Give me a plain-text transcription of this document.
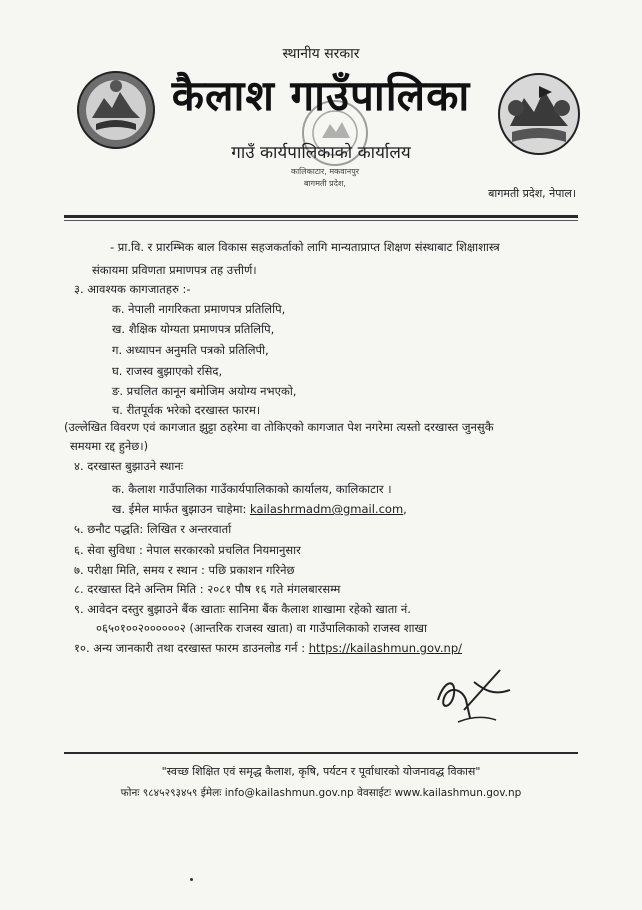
स्थानीय सरकार
कैलाश गाउँपालिका
गाउँ कार्यपालिकाको कार्यालय
कालिकाटार, मकवानपुर
बागमती प्रदेश,
बागमती प्रदेश, नेपाल।
- प्रा.वि. र प्रारम्भिक बाल विकास सहजकर्ताको लागि मान्यताप्राप्त शिक्षण संस्थाबाट शिक्षाशास्त्र
संकायमा प्रविणता प्रमाणपत्र तह उत्तीर्ण।
३. आवश्यक कागजातहरु :-
क. नेपाली नागरिकता प्रमाणपत्र प्रतिलिपि,
ख. शैक्षिक योग्यता प्रमाणपत्र प्रतिलिपि,
ग. अध्यापन अनुमति पत्रको प्रतिलिपी,
घ. राजस्व बुझाएको रसिद,
ङ. प्रचलित कानून बमोजिम अयोग्य नभएको,
च. रीतपूर्वक भरेको दरखास्त फारम।
(उल्लेखित विवरण एवं कागजात झुट्टा ठहरेमा वा तोकिएको कागजात पेश नगरेमा त्यस्तो दरखास्त जुनसुकै
समयमा रद्द हुनेछ।)
४. दरखास्त बुझाउने स्थानः
क. कैलाश गाउँपालिका गाउँकार्यपालिकाको कार्यालय, कालिकाटार ।
ख. ईमेल मार्फत बुझाउन चाहेमा: kailashrmadm@gmail.com,
५. छनौट पद्धति: लिखित र अन्तरवार्ता
६. सेवा सुविधा : नेपाल सरकारको प्रचलित नियमानुसार
७. परीक्षा मिति, समय र स्थान : पछि प्रकाशन गरिनेछ
८. दरखास्त दिने अन्तिम मिति : २०८१ पौष १६ गते मंगलबारसम्म
९. आवेदन दस्तुर बुझाउने बैंक खाताः सानिमा बैंक कैलाश शाखामा रहेको खाता नं.
०६५०१००२००००००२ (आन्तरिक राजस्व खाता) वा गाउँपालिकाको राजस्व शाखा
१०. अन्य जानकारी तथा दरखास्त फारम डाउनलोड गर्न : https://kailashmun.gov.np/
"स्वच्छ शिक्षित एवं समृद्ध कैलाश, कृषि, पर्यटन र पूर्वाधारको योजनावद्ध विकास"
फोनः ९८४५२९३४५९ ईमेलः info@kailashmun.gov.np वेवसाईटः www.kailashmun.gov.np
